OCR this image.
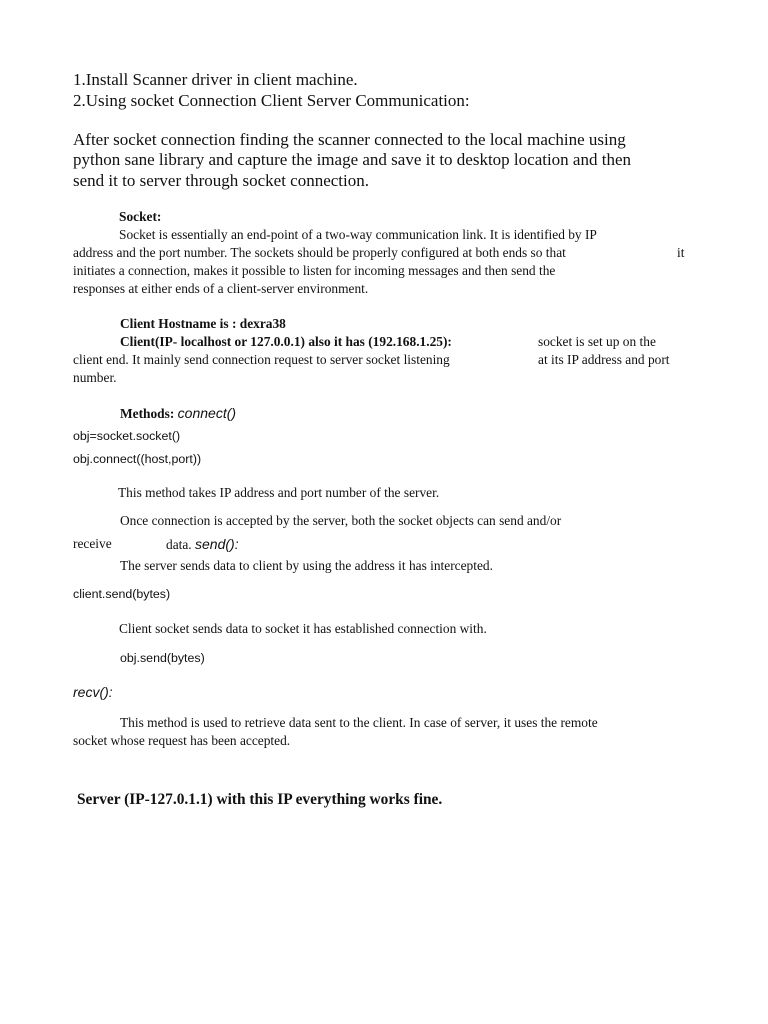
1.Install Scanner driver in client machine.
2.Using socket Connection Client Server Communication:
After socket connection finding the scanner connected to the local machine using
python sane library and capture the image and save it to desktop location and then
send it to server through socket connection.
Socket:
Socket is essentially an end-point of a two-way communication link. It is identified by IP
address and the port number. The sockets should be properly configured at both ends so that	it
initiates a connection, makes it possible to listen for incoming messages and then send the
responses at either ends of a client-server environment.
Client Hostname is : dexra38
Client(IP- localhost or 127.0.0.1) also it has (192.168.1.25):	socket is set up on the
client end. It mainly send connection request to server socket listening	at its IP address and port
number.
Methods: connect()
obj=socket.socket()
obj.connect((host,port))
This method takes IP address and port number of the server.
Once connection is accepted by the server, both the socket objects can send and/or
receive	data. send():
The server sends data to client by using the address it has intercepted.
client.send(bytes)
Client socket sends data to socket it has established connection with.
obj.send(bytes)
recv():
This method is used to retrieve data sent to the client. In case of server, it uses the remote
socket whose request has been accepted.
Server (IP-127.0.1.1) with this IP everything works fine.
